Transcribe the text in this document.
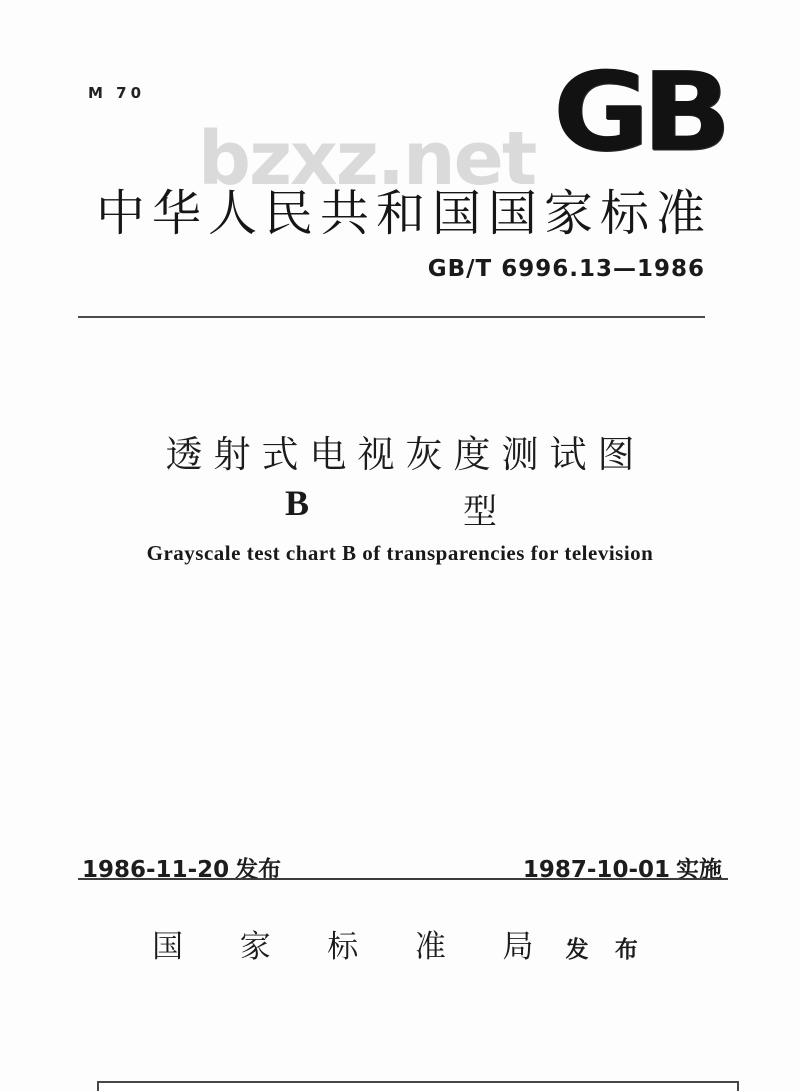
M 70
bzxz.net GB
中华人民共和国国家标准
GB/T 6996.13—1986
透射式电视灰度测试图
B	型
Grayscale test chart B of transparencies for television
1986-11-20 发布	1987-10-01 实施
国 家 标 准 局 发 布
